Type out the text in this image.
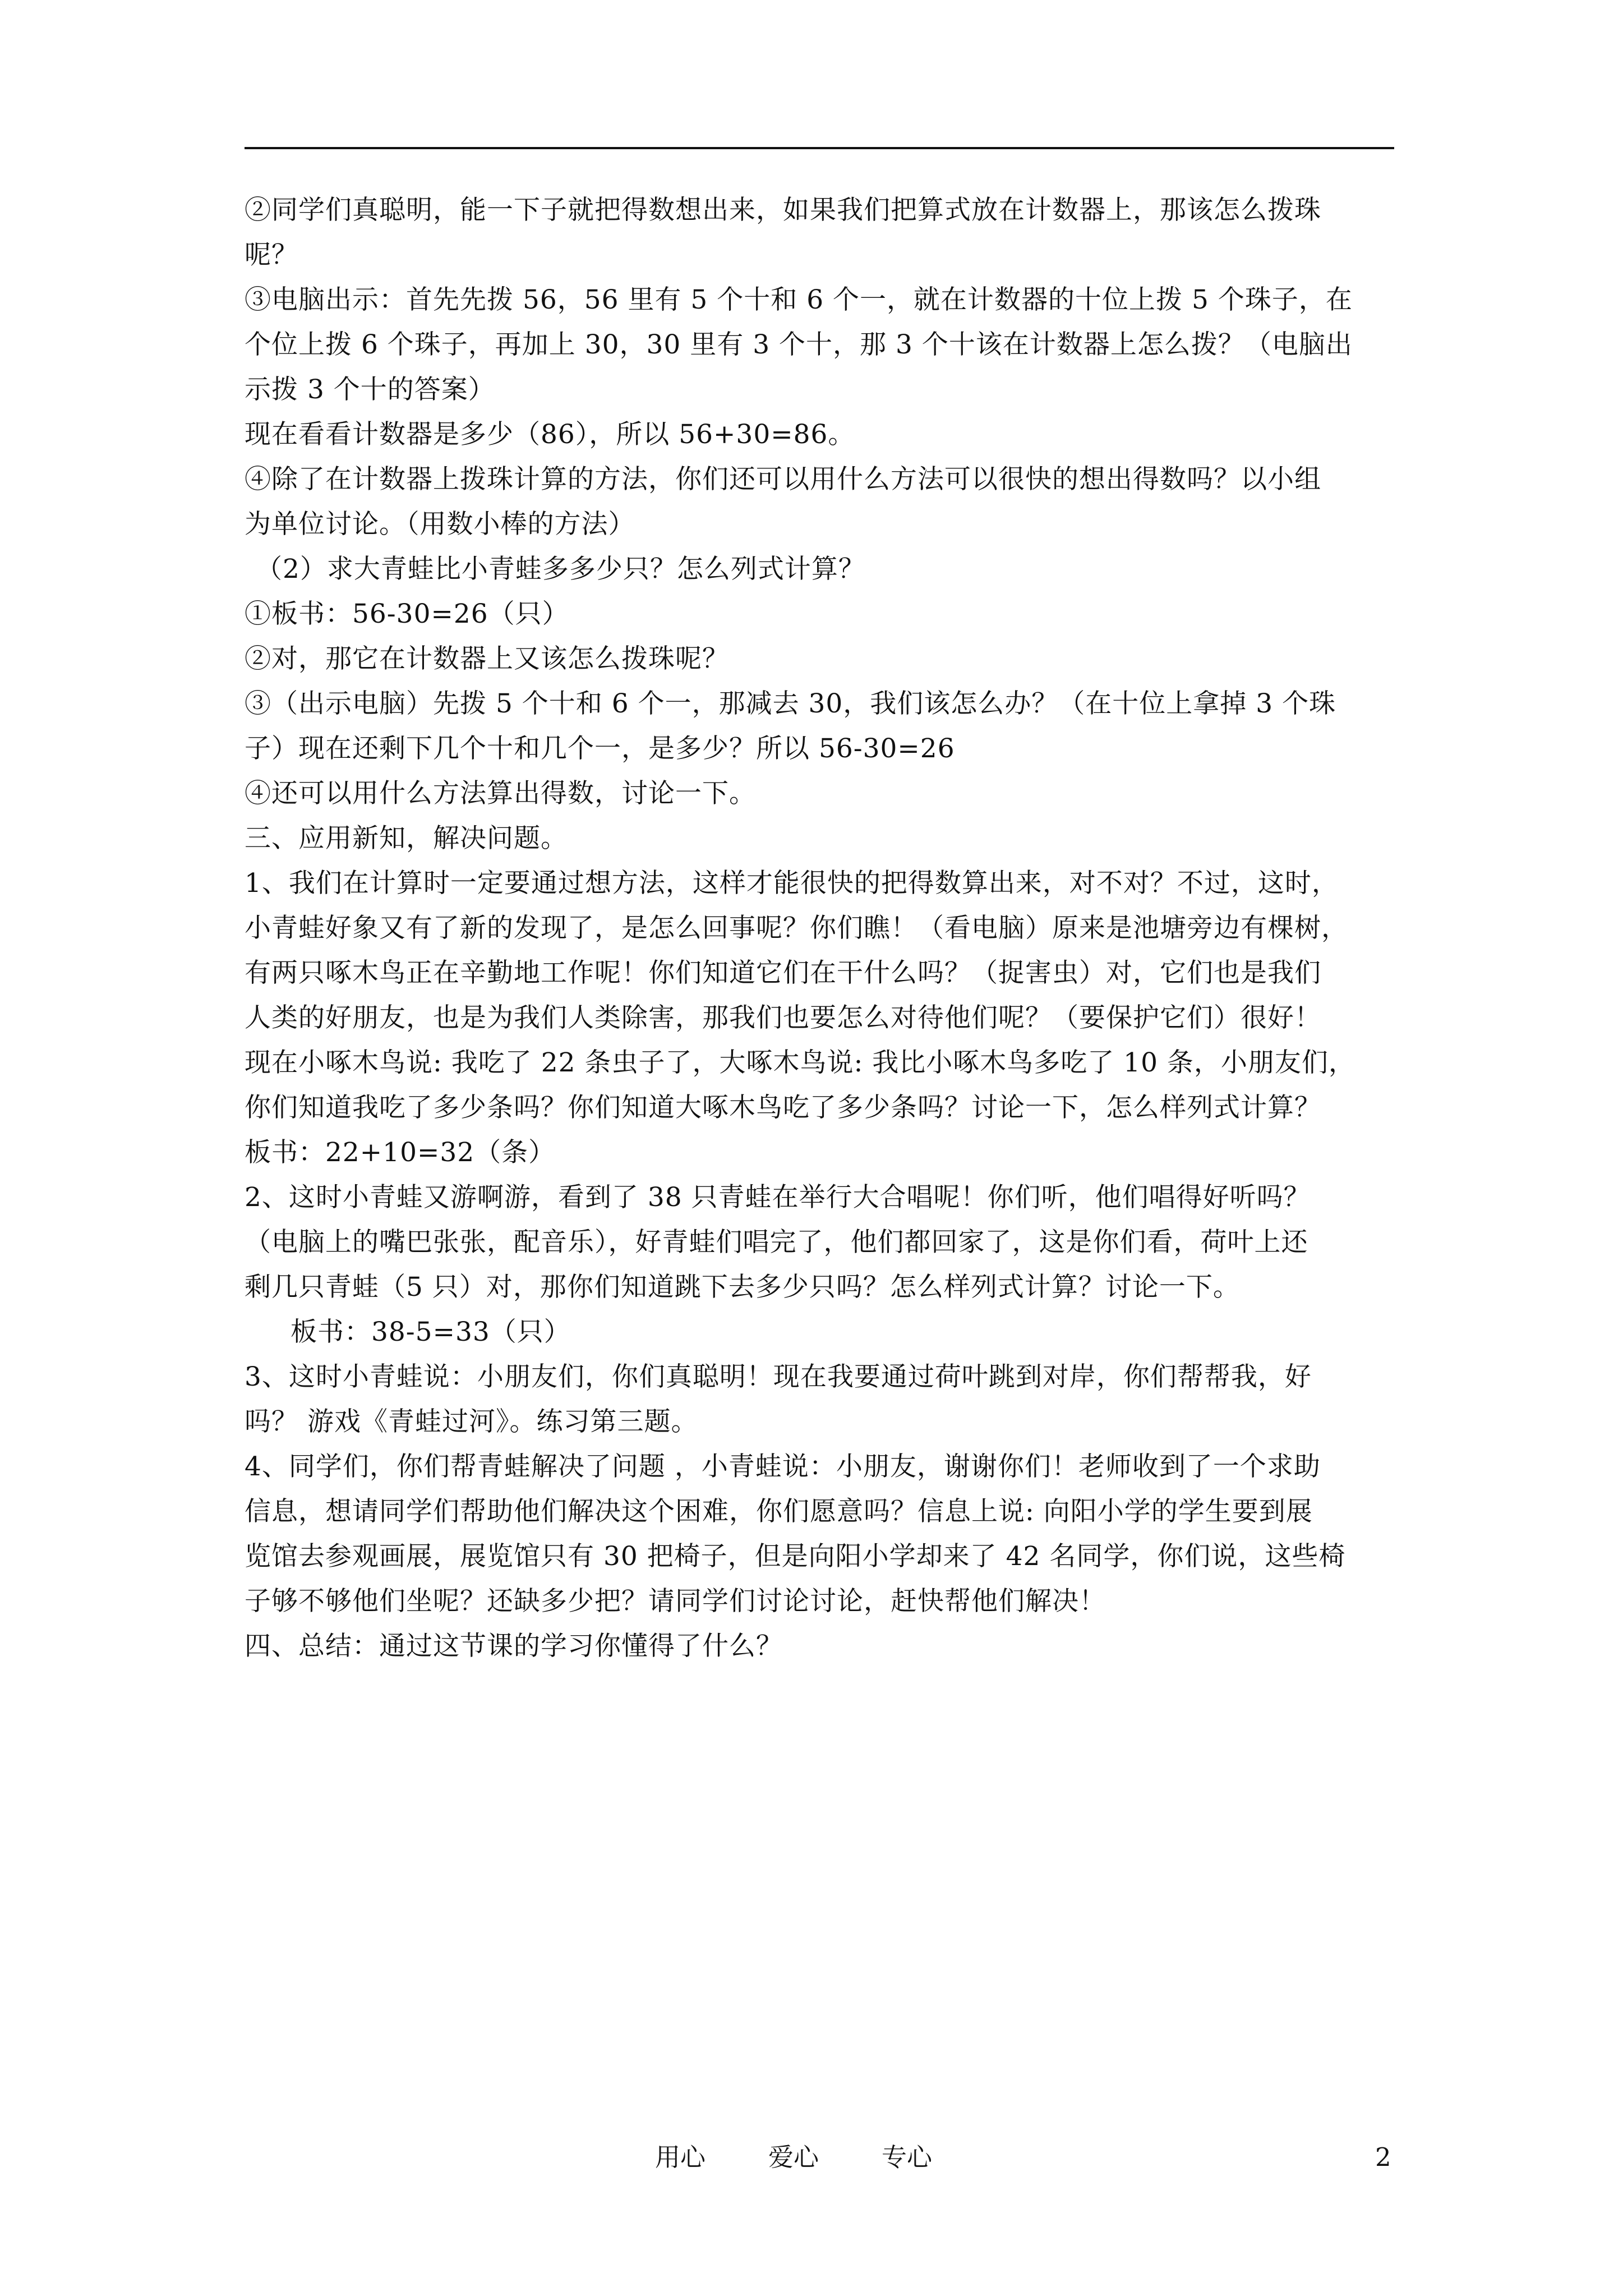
②同学们真聪明，能一下子就把得数想出来，如果我们把算式放在计数器上，那该怎么拨珠
呢？
③电脑出示：首先先拨 56，56 里有 5 个十和 6 个一，就在计数器的十位上拨 5 个珠子，在
个位上拨 6 个珠子，再加上 30，30 里有 3 个十，那 3 个十该在计数器上怎么拨？（电脑出
示拨 3 个十的答案）
现在看看计数器是多少（86），所以 56+30=86。
④除了在计数器上拨珠计算的方法，你们还可以用什么方法可以很快的想出得数吗？以小组
为单位讨论。（用数小棒的方法）
（2）求大青蛙比小青蛙多多少只？怎么列式计算？
①板书：56-30=26（只）
②对，那它在计数器上又该怎么拨珠呢？
③（出示电脑）先拨 5 个十和 6 个一，那减去 30，我们该怎么办？（在十位上拿掉 3 个珠
子）现在还剩下几个十和几个一，是多少？所以 56-30=26
④还可以用什么方法算出得数，讨论一下。
三、应用新知，解决问题。
1、我们在计算时一定要通过想方法，这样才能很快的把得数算出来，对不对？不过，这时，
小青蛙好象又有了新的发现了，是怎么回事呢？你们瞧！（看电脑）原来是池塘旁边有棵树，
有两只啄木鸟正在辛勤地工作呢！你们知道它们在干什么吗？（捉害虫）对，它们也是我们
人类的好朋友，也是为我们人类除害，那我们也要怎么对待他们呢？（要保护它们）很好！
现在小啄木鸟说: 我吃了 22 条虫子了，大啄木鸟说: 我比小啄木鸟多吃了 10 条，小朋友们，
你们知道我吃了多少条吗？你们知道大啄木鸟吃了多少条吗？讨论一下，怎么样列式计算？
板书：22+10=32（条）
2、这时小青蛙又游啊游，看到了 38 只青蛙在举行大合唱呢！你们听，他们唱得好听吗？
（电脑上的嘴巴张张，配音乐），好青蛙们唱完了，他们都回家了，这是你们看，荷叶上还
剩几只青蛙（5 只）对，那你们知道跳下去多少只吗？怎么样列式计算？讨论一下。
板书：38-5=33（只）
3、这时小青蛙说：小朋友们，你们真聪明！现在我要通过荷叶跳到对岸，你们帮帮我，好
吗？ 游戏《青蛙过河》。练习第三题。
4、同学们，你们帮青蛙解决了问题 ，小青蛙说：小朋友，谢谢你们！老师收到了一个求助
信息，想请同学们帮助他们解决这个困难，你们愿意吗？信息上说: 向阳小学的学生要到展
览馆去参观画展，展览馆只有 30 把椅子，但是向阳小学却来了 42 名同学，你们说，这些椅
子够不够他们坐呢？还缺多少把？请同学们讨论讨论，赶快帮他们解决！
四、总结：通过这节课的学习你懂得了什么？
用心 爱心 专心	2
